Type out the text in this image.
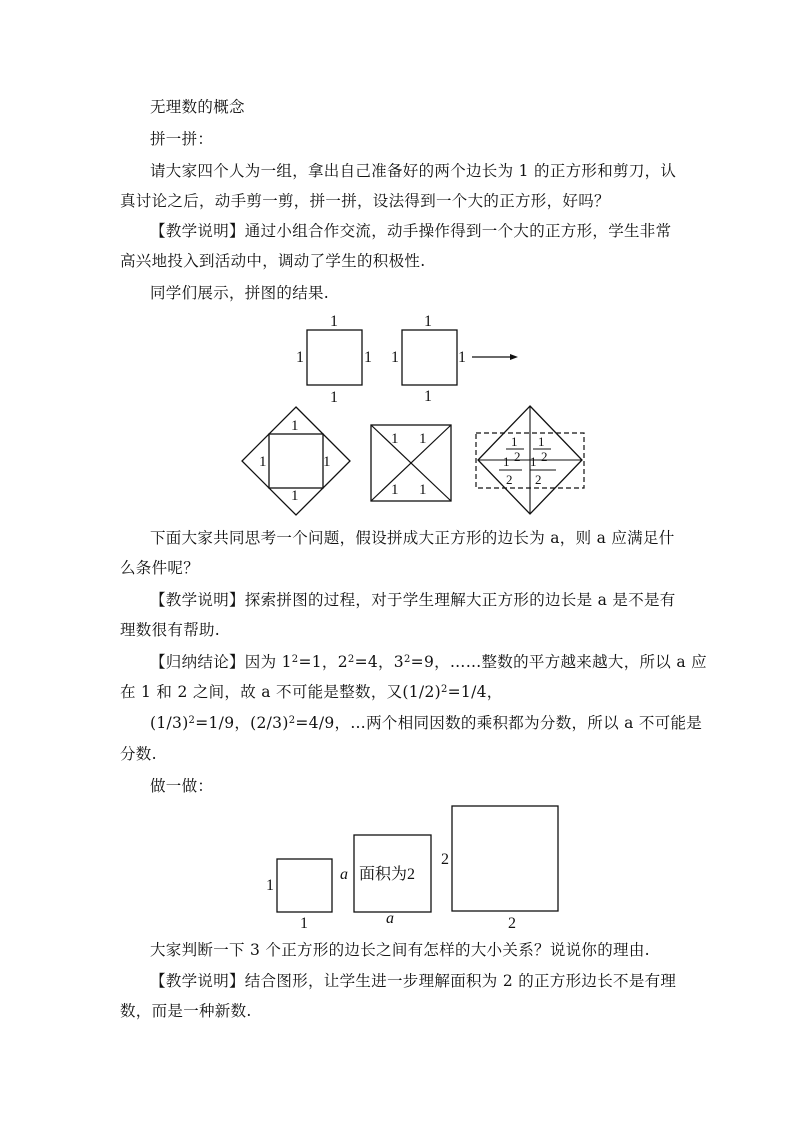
无理数的概念
拼一拼：
请大家四个人为一组，拿出自己准备好的两个边长为 1 的正方形和剪刀，认真讨论之后，动手剪一剪，拼一拼，设法得到一个大的正方形，好吗？
【教学说明】通过小组合作交流，动手操作得到一个大的正方形，学生非常高兴地投入到活动中，调动了学生的积极性.
同学们展示，拼图的结果.
1
1	1
1
1
1	1
1
1
1	1
1
1 1
1 1
1 1
1 2 1 2
2 2
下面大家共同思考一个问题，假设拼成大正方形的边长为 a，则 a 应满足什么条件呢？
【教学说明】探索拼图的过程，对于学生理解大正方形的边长是 a 是不是有理数很有帮助.
【归纳结论】因为 $1^2=1$，$2^2=4$，$3^2=9$，……整数的平方越来越大，所以 a 应
在 1 和 2 之间，故 a 不可能是整数，又$(1/2)^2=1/4$，
$(1/3)^2=1/9$，$(2/3)^2=4/9$，…两个相同因数的乘积都为分数，所以 a 不可能是
分数.
做一做：
1
1
a 面积为2
a
2
2
大家判断一下 3 个正方形的边长之间有怎样的大小关系？说说你的理由.
【教学说明】结合图形，让学生进一步理解面积为 2 的正方形边长不是有理数，而是一种新数.
